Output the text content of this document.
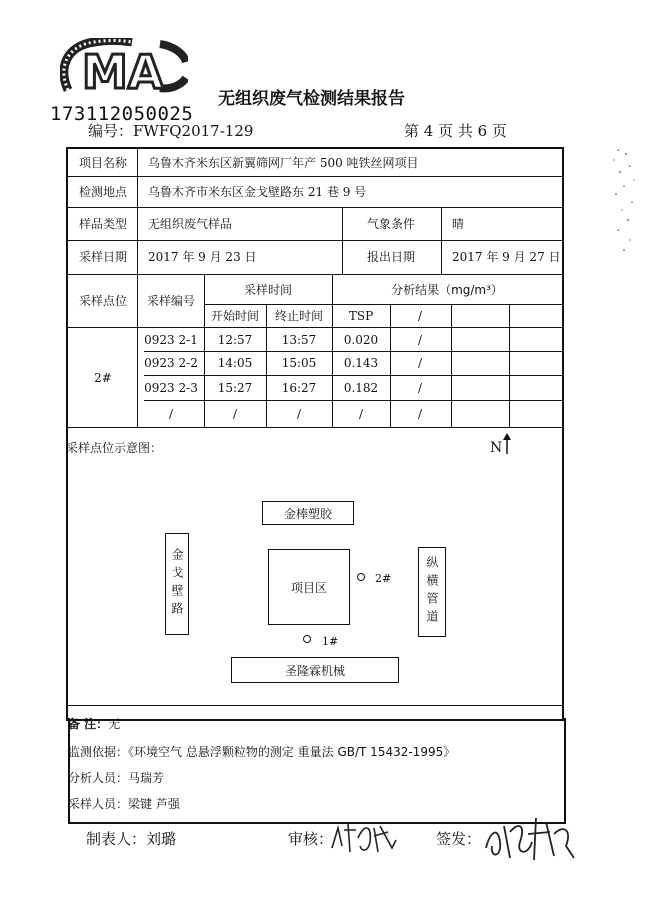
MA
173112050025
无组织废气检测结果报告
编号：FWFQ2017-129	第 4 页 共 6 页
项目名称 乌鲁木齐米东区新翼筛网厂年产 500 吨铁丝网项目
检测地点 乌鲁木齐市米东区金戈壁路东 21 巷 9 号
样品类型 无组织废气样品	气象条件	晴
采样日期 2017 年 9 月 23 日	报出日期	2017 年 9 月 27 日
采样点位 采样编号
采样时间
开始时间 终止时间
分析结果（mg/m³）
TSP	/
2#
0923 2-1 12:57 13:57 0.020	/
0923 2-2 14:05 15:05 0.143	/
0923 2-3 15:27 16:27 0.182	/
/	/	/	/	/
采样点位示意图：	N
金棒塑胶
项目区
金戈壁路	纵横管道
圣隆霖机械
2#
1#
备 注：无
监测依据：《环境空气 总悬浮颗粒物的测定 重量法 GB/T 15432-1995》
分析人员：马瑞芳
采样人员：梁键 芦强
制表人：刘璐	审核：	签发：
